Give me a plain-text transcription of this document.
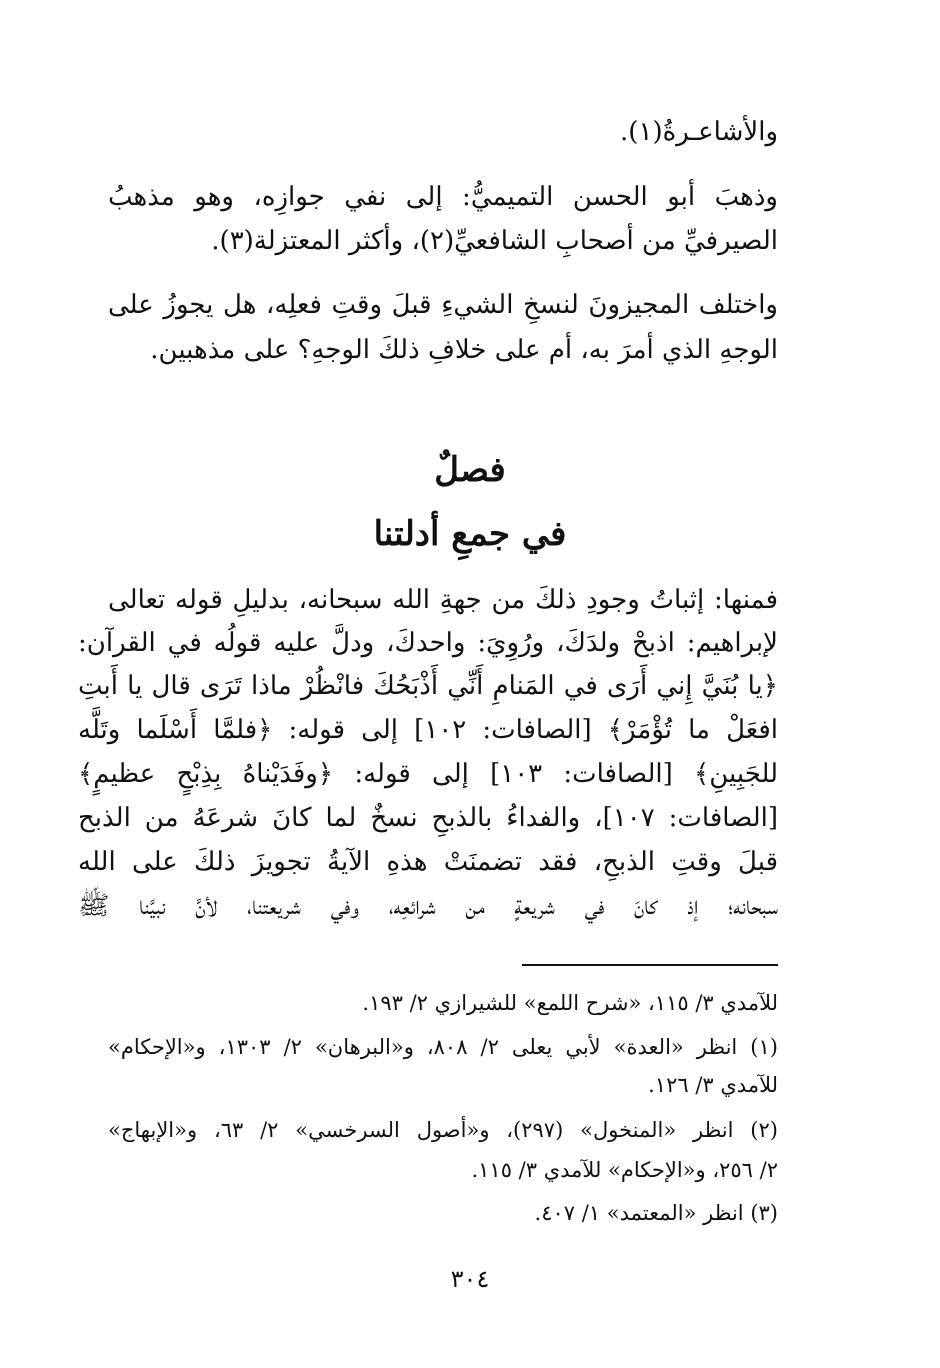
والأشاعـرةُ(١).
وذهبَ أبو الحسن التميميُّ: إلى نفي جوازِه، وهو مذهبُ
الصيرفيِّ من أصحابِ الشافعيِّ(٢)، وأكثر المعتزلة(٣).
واختلف المجيزونَ لنسخِ الشيءِ قبلَ وقتِ فعلِه، هل يجوزُ على
الوجهِ الذي أمرَ به، أم على خلافِ ذلكَ الوجهِ؟ على مذهبين.
فصلٌ
في جمعِ أدلتنا
فمنها: إثباتُ وجودِ ذلكَ من جهةِ الله سبحانه، بدليلِ قوله تعالى
لإبراهيم: اذبحْ ولدَكَ، ورُوِيَ: واحدكَ، ودلَّ عليه قولُه في القرآن:
﴿يا بُنَيَّ إِني أَرَى في المَنامِ أَنِّي أَذْبَحُكَ فانْظُرْ ماذا تَرَى قال يا أَبتِ
افعَلْ ما تُؤْمَرْ﴾ [الصافات: ١٠٢] إلى قوله: ﴿فلمَّا أَسْلَما وتَلَّه
للجَبِينِ﴾ [الصافات: ١٠٣] إلى قوله: ﴿وفَدَيْناهُ بِذِبْحٍ عظيمٍ﴾
[الصافات: ١٠٧]، والفداءُ بالذبحِ نسخٌ لما كانَ شرعَهُ من الذبح
قبلَ وقتِ الذبحِ، فقد تضمنَتْ هذهِ الآيةُ تجويزَ ذلكَ على الله
سبحانه؛ إذ كانَ في شريعةٍ من شرائعِه، وفي شريعتنا، لأنَّ نبيَّنا ﷺ
للآمدي ٣/ ١١٥، «شرح اللمع» للشيرازي ٢/ ١٩٣.
(١) انظر «العدة» لأبي يعلى ٢/ ٨٠٨، و«البرهان» ٢/ ١٣٠٣، و«الإحكام»
للآمدي ٣/ ١٢٦.
(٢) انظر «المنخول» (٢٩٧)، و«أصول السرخسي» ٢/ ٦٣، و«الإبهاج»
٢/ ٢٥٦، و«الإحكام» للآمدي ٣/ ١١٥.
(٣) انظر «المعتمد» ١/ ٤٠٧.
٣٠٤
